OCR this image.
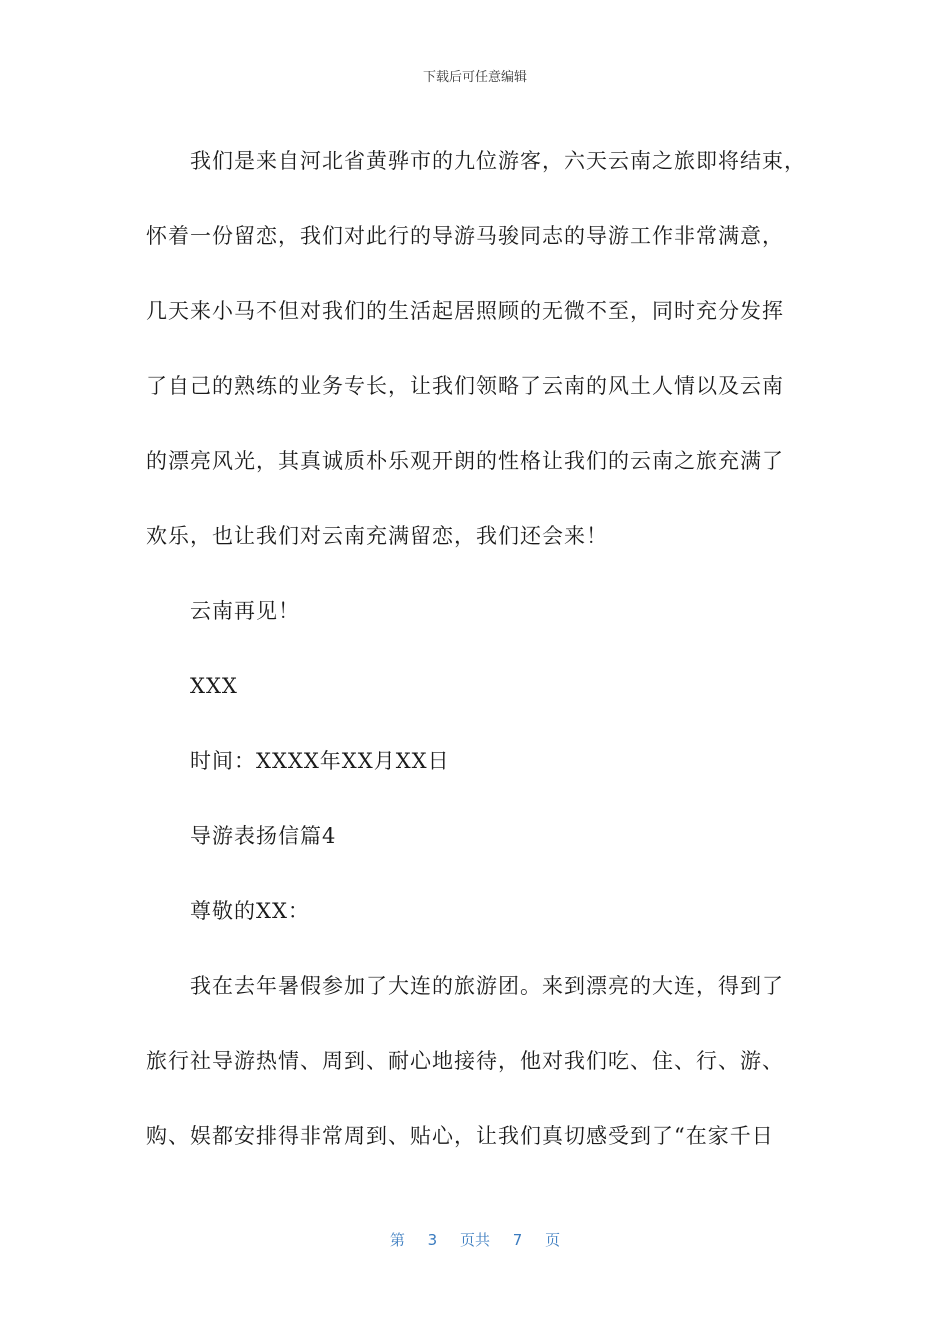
下载后可任意编辑
我们是来自河北省黄骅市的九位游客，六天云南之旅即将结束，
怀着一份留恋，我们对此行的导游马骏同志的导游工作非常满意，
几天来小马不但对我们的生活起居照顾的无微不至，同时充分发挥
了自己的熟练的业务专长，让我们领略了云南的风土人情以及云南
的漂亮风光，其真诚质朴乐观开朗的性格让我们的云南之旅充满了
欢乐，也让我们对云南充满留恋，我们还会来！
云南再见！
XXX
时间：XXXX年XX月XX日
导游表扬信篇4
尊敬的XX：
我在去年暑假参加了大连的旅游团。来到漂亮的大连，得到了
旅行社导游热情、周到、耐心地接待，他对我们吃、住、行、游、
购、娱都安排得非常周到、贴心，让我们真切感受到了“在家千日
第 3 页共 7 页
